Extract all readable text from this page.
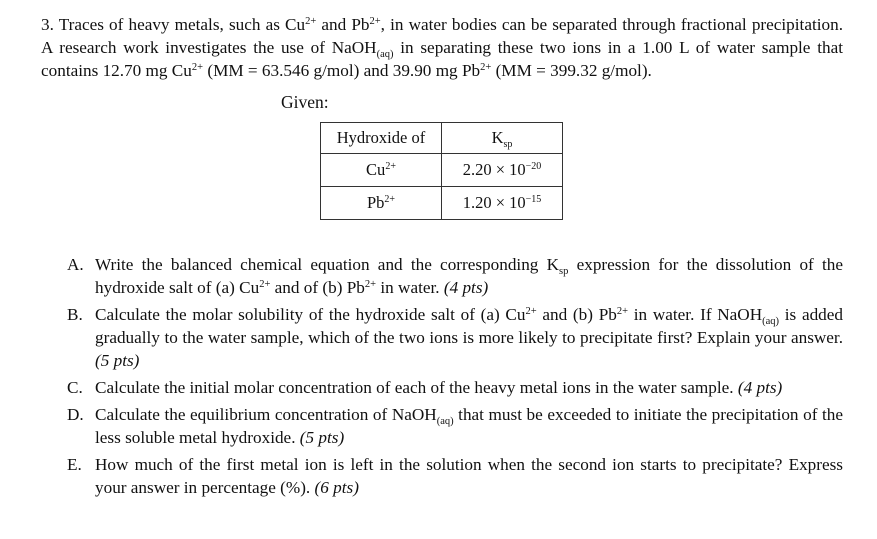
3. Traces of heavy metals, such as $Cu^{2+}$ and $Pb^{2+}$, in water bodies can be separated through fractional precipitation. A research work investigates the use of NaOH$_{(aq)}$ in separating these two ions in a 1.00 L of water sample that contains 12.70 mg $Cu^{2+}$ (MM = 63.546 g/mol) and 39.90 mg $Pb^{2+}$ (MM = 399.32 g/mol).
Given:
Hydroxide of	$K_{sp}$
$Cu^{2+}$	$2.20 \times 10^{-20}$
$Pb^{2+}$	$1.20 \times 10^{-15}$
A. Write the balanced chemical equation and the corresponding $K_{sp}$ expression for the dissolution of the hydroxide salt of (a) $Cu^{2+}$ and of (b) $Pb^{2+}$ in water. (4 pts)
B. Calculate the molar solubility of the hydroxide salt of (a) $Cu^{2+}$ and (b) $Pb^{2+}$ in water. If NaOH$_{(aq)}$ is added gradually to the water sample, which of the two ions is more likely to precipitate first? Explain your answer. (5 pts)
C. Calculate the initial molar concentration of each of the heavy metal ions in the water sample. (4 pts)
D. Calculate the equilibrium concentration of NaOH$_{(aq)}$ that must be exceeded to initiate the precipitation of the less soluble metal hydroxide. (5 pts)
E. How much of the first metal ion is left in the solution when the second ion starts to precipitate? Express your answer in percentage (%). (6 pts)
